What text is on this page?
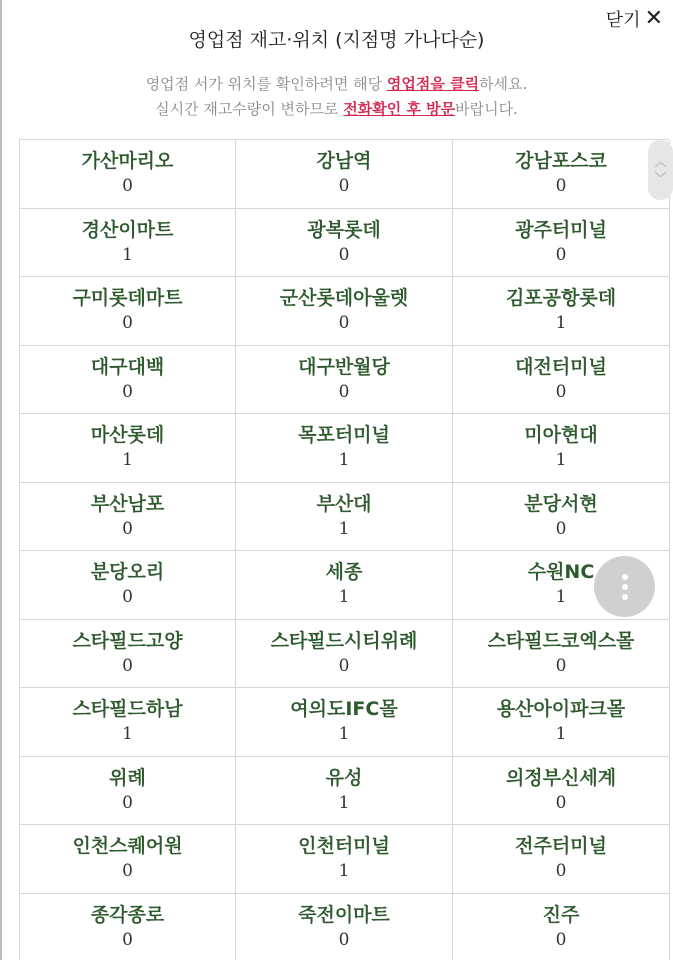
영업점 재고·위치 (지점명 가나다순)
닫기 ✕
영업점 서가 위치를 확인하려면 해당 영업점을 클릭하세요.
실시간 재고수량이 변하므로 전화확인 후 방문바랍니다.
가산마리오
0
강남역
0
강남포스코
0
경산이마트
1
광복롯데
0
광주터미널
0
구미롯데마트
0
군산롯데아울렛
0
김포공항롯데
1
대구대백
0
대구반월당
0
대전터미널
0
마산롯데
1
목포터미널
1
미아현대
1
부산남포
0
부산대
1
분당서현
0
분당오리
0
세종
1
수원NC
1
스타필드고양
0
스타필드시티위례
0
스타필드코엑스몰
0
스타필드하남
1
여의도IFC몰
1
용산아이파크몰
1
위례
0
유성
1
의정부신세계
0
인천스퀘어원
0
인천터미널
1
전주터미널
0
종각종로
0
죽전이마트
0
진주
0
︿
﹀
